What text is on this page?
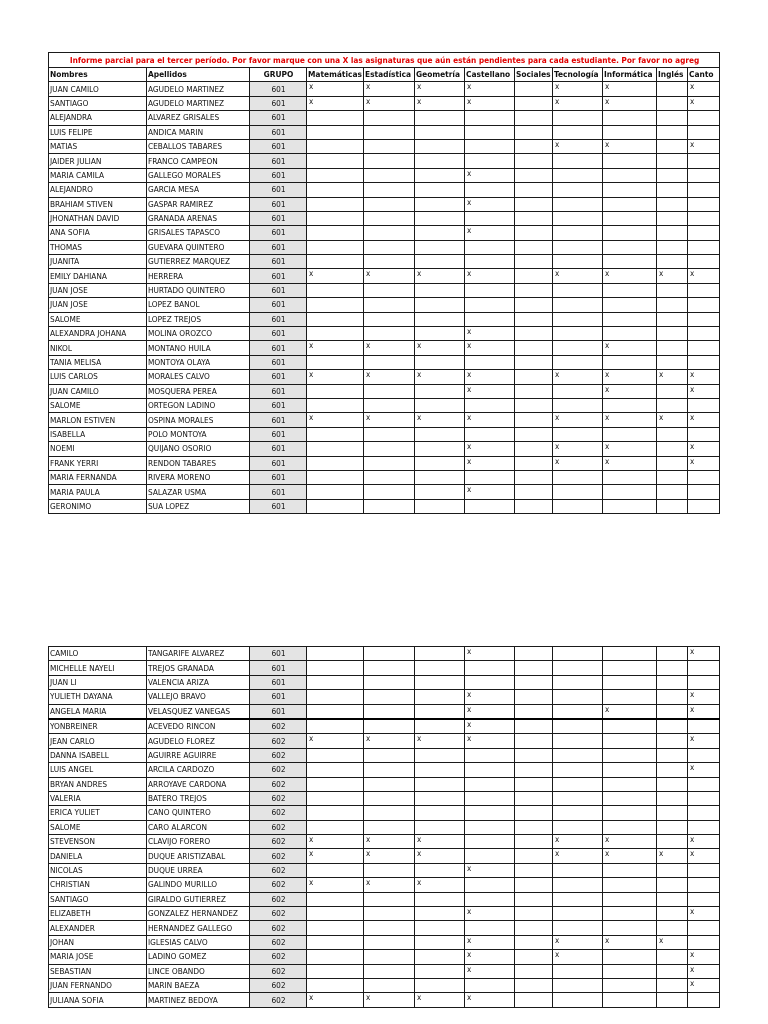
Informe parcial para el tercer período. Por favor marque con una X las asignaturas que aún están pendientes para cada estudiante. Por favor no agreg											
Nombres	Apellidos	GRUPO	Matemáticas	Estadística	Geometría	Castellano	Sociales	Tecnología	Informática	Inglés	Canto
JUAN CAMILO	AGUDELO MARTINEZ	601	x	x	x	x		x	x		x
SANTIAGO	AGUDELO MARTINEZ	601	x	x	x	x		x	x		x
ALEJANDRA	ALVAREZ GRISALES	601									
LUIS FELIPE	ANDICA MARIN	601									
MATIAS	CEBALLOS TABARES	601						x	x		x
JAIDER JULIAN	FRANCO CAMPEON	601									
MARIA CAMILA	GALLEGO MORALES	601				x					
ALEJANDRO	GARCIA MESA	601									
BRAHIAM STIVEN	GASPAR RAMIREZ	601				x					
JHONATHAN DAVID	GRANADA ARENAS	601									
ANA SOFIA	GRISALES TAPASCO	601				x					
THOMAS	GUEVARA QUINTERO	601									
JUANITA	GUTIERREZ MARQUEZ	601									
EMILY DAHIANA	HERRERA	601	x	x	x	x		x	x	x	x
JUAN JOSE	HURTADO QUINTERO	601									
JUAN JOSE	LOPEZ BANOL	601									
SALOME	LOPEZ TREJOS	601									
ALEXANDRA JOHANA	MOLINA OROZCO	601				x					
NIKOL	MONTANO HUILA	601	x	x	x	x			x		
TANIA MELISA	MONTOYA OLAYA	601									
LUIS CARLOS	MORALES CALVO	601	x	x	x	x		x	x	x	x
JUAN CAMILO	MOSQUERA PEREA	601				x			x		x
SALOME	ORTEGON LADINO	601									
MARLON ESTIVEN	OSPINA MORALES	601	x	x	x	x		x	x	x	x
ISABELLA	POLO MONTOYA	601									
NOEMI	QUIJANO OSORIO	601				x		x	x		x
FRANK YERRI	RENDON TABARES	601				x		x	x		x
MARIA FERNANDA	RIVERA MORENO	601									
MARIA PAULA	SALAZAR USMA	601				x					
GERONIMO	SUA LOPEZ	601									
CAMILO	TANGARIFE ALVAREZ	601				x					x
MICHELLE NAYELI	TREJOS GRANADA	601									
JUAN LI	VALENCIA ARIZA	601									
YULIETH DAYANA	VALLEJO BRAVO	601				x					x
ANGELA MARIA	VELASQUEZ VANEGAS	601				x			x		x
YONBREINER	ACEVEDO RINCON	602				x					
JEAN CARLO	AGUDELO FLOREZ	602	x	x	x	x					x
DANNA ISABELL	AGUIRRE AGUIRRE	602									
LUIS ANGEL	ARCILA CARDOZO	602									x
BRYAN ANDRES	ARROYAVE CARDONA	602									
VALERIA	BATERO TREJOS	602									
ERICA YULIET	CANO QUINTERO	602									
SALOME	CARO ALARCON	602									
STEVENSON	CLAVIJO FORERO	602	x	x	x			x	x		x
DANIELA	DUQUE ARISTIZABAL	602	x	x	x			x	x	x	x
NICOLAS	DUQUE URREA	602				x					
CHRISTIAN	GALINDO MURILLO	602	x	x	x						
SANTIAGO	GIRALDO GUTIERREZ	602									
ELIZABETH	GONZALEZ HERNANDEZ	602				x					x
ALEXANDER	HERNANDEZ GALLEGO	602									
JOHAN	IGLESIAS CALVO	602				x		x	x	x	
MARIA JOSE	LADINO GOMEZ	602				x		x			x
SEBASTIAN	LINCE OBANDO	602				x					x
JUAN FERNANDO	MARIN BAEZA	602									x
JULIANA SOFIA	MARTINEZ BEDOYA	602	x	x	x	x					
